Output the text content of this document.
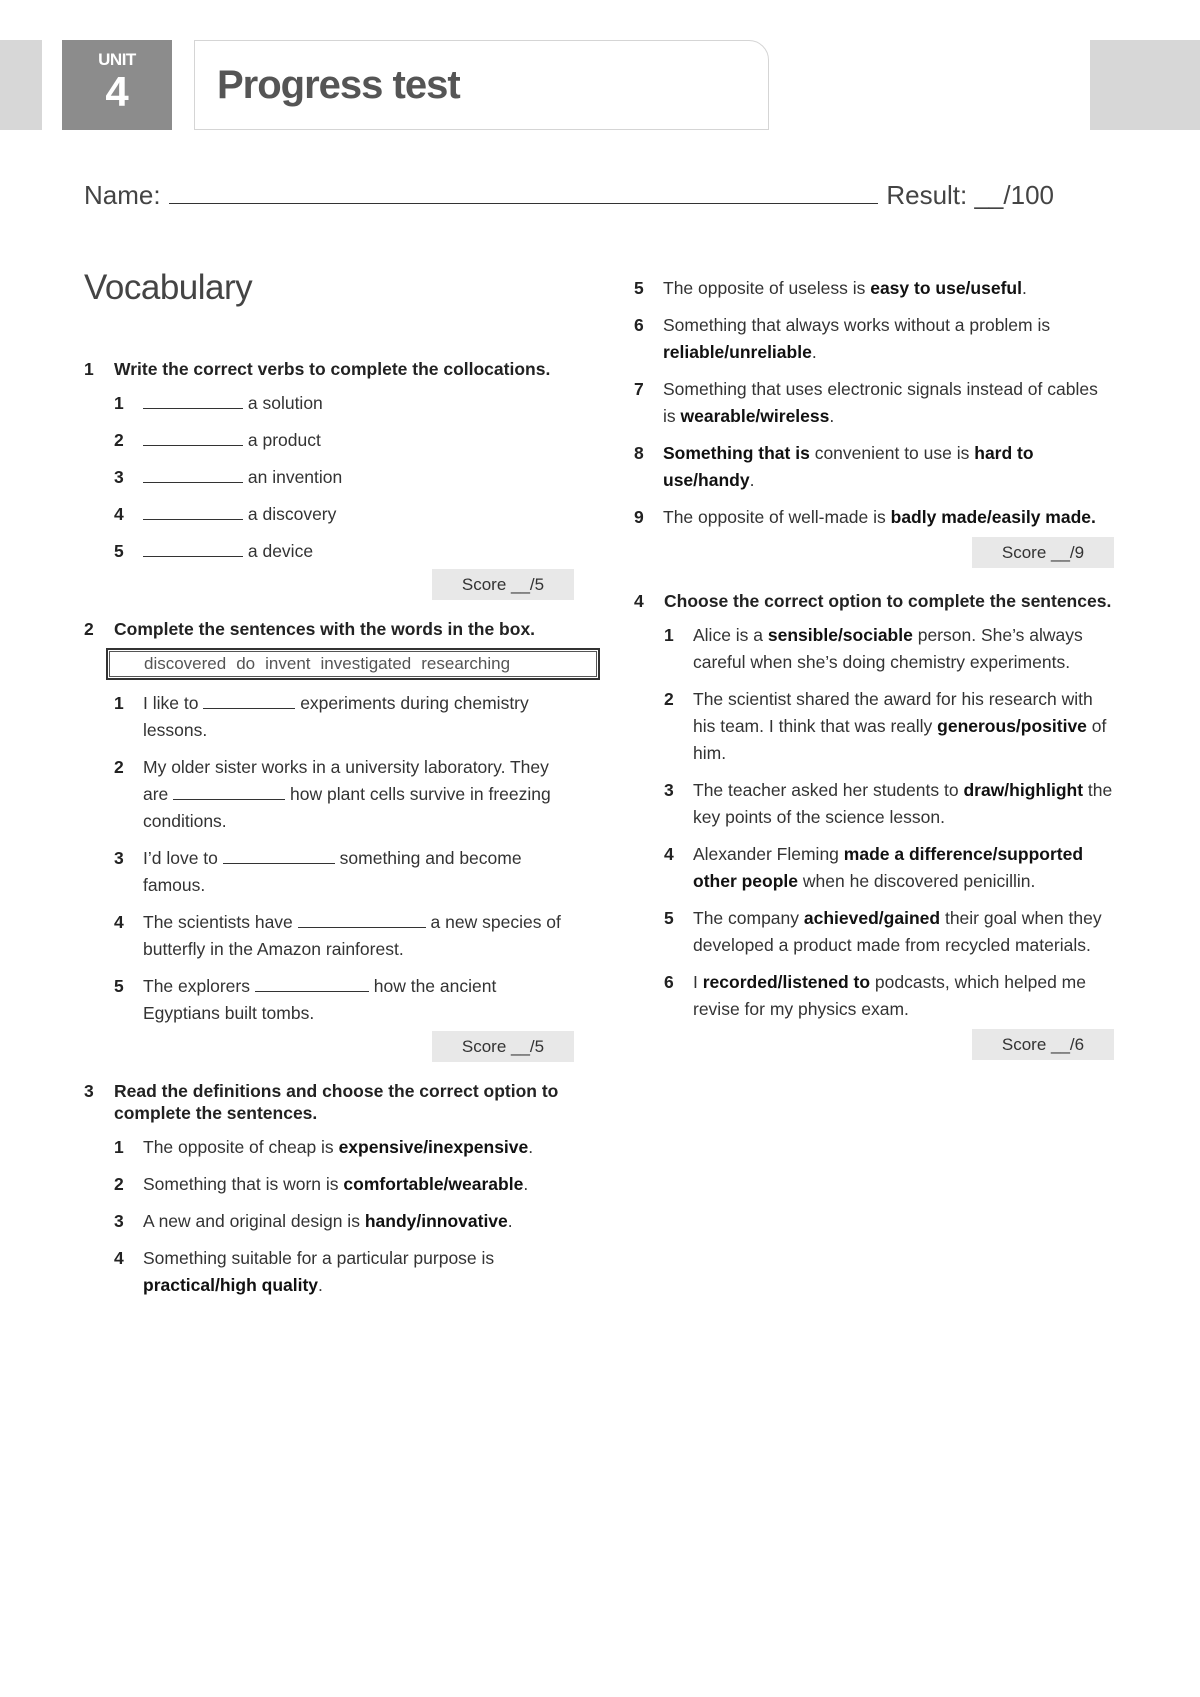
UNIT
4	Progress test
Name:	Result: __/100
Vocabulary
1	Write the correct verbs to complete the collocations.
1	a solution
2	a product
3	an invention
4	a discovery
5	a device
Score __/5
2	Complete the sentences with the words in the box.
discovered do invent investigated researching
1	I like to	experiments during chemistry lessons.
2	My older sister works in a university laboratory. They are	how plant cells survive in freezing conditions.
3	I’d love to	something and become famous.
4	The scientists have	a new species of butterfly in the Amazon rainforest.
5	The explorers	how the ancient Egyptians built tombs.
Score __/5
3	Read the definitions and choose the correct option to complete the sentences.
1	The opposite of cheap is expensive/inexpensive.
2	Something that is worn is comfortable/wearable.
3	A new and original design is handy/innovative.
4	Something suitable for a particular purpose is practical/high quality.
5	The opposite of useless is easy to use/useful.
6	Something that always works without a problem is reliable/unreliable.
7	Something that uses electronic signals instead of cables is wearable/wireless.
8	Something that is convenient to use is hard to use/handy.
9	The opposite of well-made is badly made/easily made.
Score __/9
4	Choose the correct option to complete the sentences.
1	Alice is a sensible/sociable person. She’s always careful when she’s doing chemistry experiments.
2	The scientist shared the award for his research with his team. I think that was really generous/positive of him.
3	The teacher asked her students to draw/highlight the key points of the science lesson.
4	Alexander Fleming made a difference/supported other people when he discovered penicillin.
5	The company achieved/gained their goal when they developed a product made from recycled materials.
6	I recorded/listened to podcasts, which helped me revise for my physics exam.
Score __/6
